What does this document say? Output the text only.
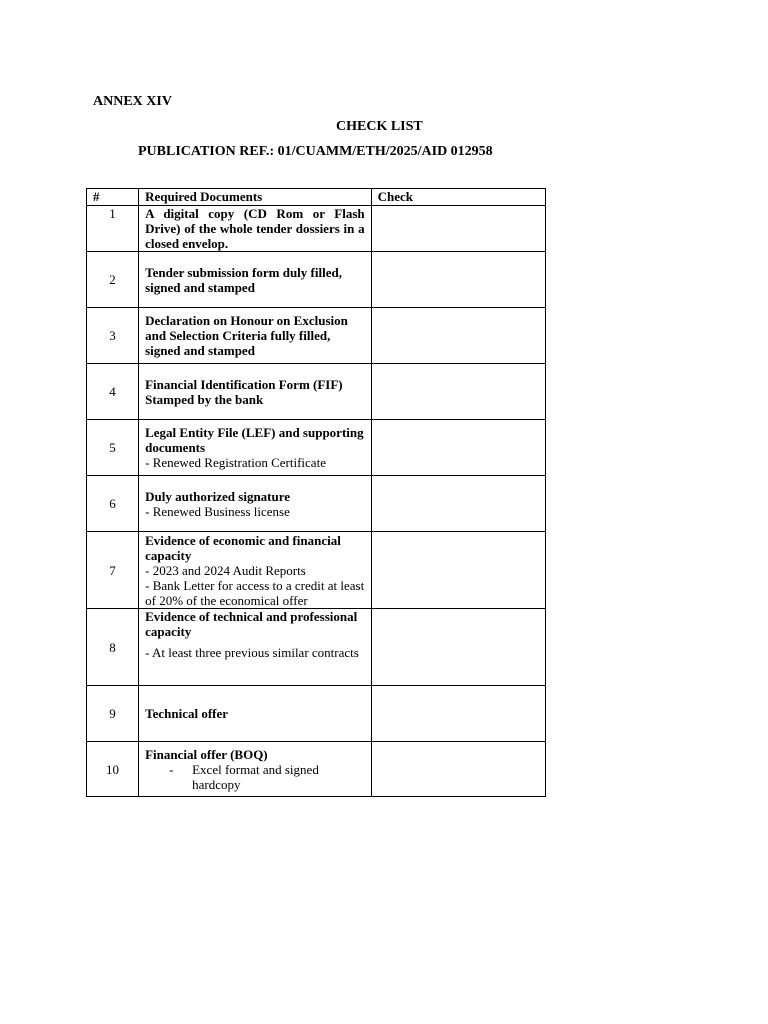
ANNEX XIV
CHECK LIST
PUBLICATION REF.: 01/CUAMM/ETH/2025/AID 012958
#	Required Documents	Check
1	A digital copy (CD Rom or Flash Drive) of the whole tender dossiers in a closed envelop.	

2	Tender submission form duly filled, signed and stamped	

3	Declaration on Honour on Exclusion and Selection Criteria fully filled, signed and stamped	

4	Financial Identification Form (FIF) Stamped by the bank	

5	Legal Entity File (LEF) and supporting documents
- Renewed Registration Certificate	

6	Duly authorized signature
- Renewed Business license	

7	Evidence of economic and financial capacity
- 2023 and 2024 Audit Reports
- Bank Letter for access to a credit at least of 20% of the economical offer	

8	Evidence of technical and professional capacity
- At least three previous similar contracts	

9	Technical offer	

10	Financial offer (BOQ)
- Excel format and signed hardcopy	
